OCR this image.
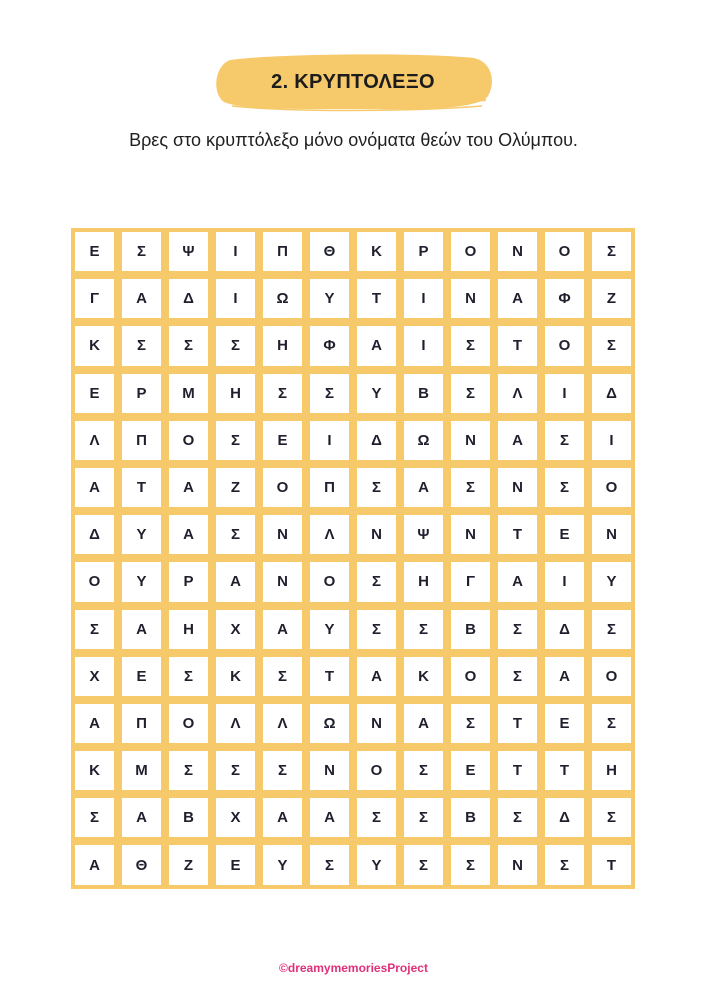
2. ΚΡΥΠΤΟΛΕΞΟ

Βρες στο κρυπτόλεξο μόνο ονόματα θεών του Ολύμπου.

Ε	Σ	Ψ	Ι	Π	Θ	Κ	Ρ	Ο	Ν	Ο	Σ
Γ	Α	Δ	Ι	Ω	Υ	Τ	Ι	Ν	Α	Φ	Ζ
Κ	Σ	Σ	Σ	Η	Φ	Α	Ι	Σ	Τ	Ο	Σ
Ε	Ρ	Μ	Η	Σ	Σ	Υ	Β	Σ	Λ	Ι	Δ
Λ	Π	Ο	Σ	Ε	Ι	Δ	Ω	Ν	Α	Σ	Ι
Α	Τ	Α	Ζ	Ο	Π	Σ	Α	Σ	Ν	Σ	Ο
Δ	Υ	Α	Σ	Ν	Λ	Ν	Ψ	Ν	Τ	Ε	Ν
Ο	Υ	Ρ	Α	Ν	Ο	Σ	Η	Γ	Α	Ι	Υ
Σ	Α	Η	Χ	Α	Υ	Σ	Σ	Β	Σ	Δ	Σ
Χ	Ε	Σ	Κ	Σ	Τ	Α	Κ	Ο	Σ	Α	Ο
Α	Π	Ο	Λ	Λ	Ω	Ν	Α	Σ	Τ	Ε	Σ
Κ	Μ	Σ	Σ	Σ	Ν	Ο	Σ	Ε	Τ	Τ	Η
Σ	Α	Β	Χ	Α	Α	Σ	Σ	Β	Σ	Δ	Σ
Α	Θ	Ζ	Ε	Υ	Σ	Υ	Σ	Σ	Ν	Σ	Τ
©dreamymemoriesProject
